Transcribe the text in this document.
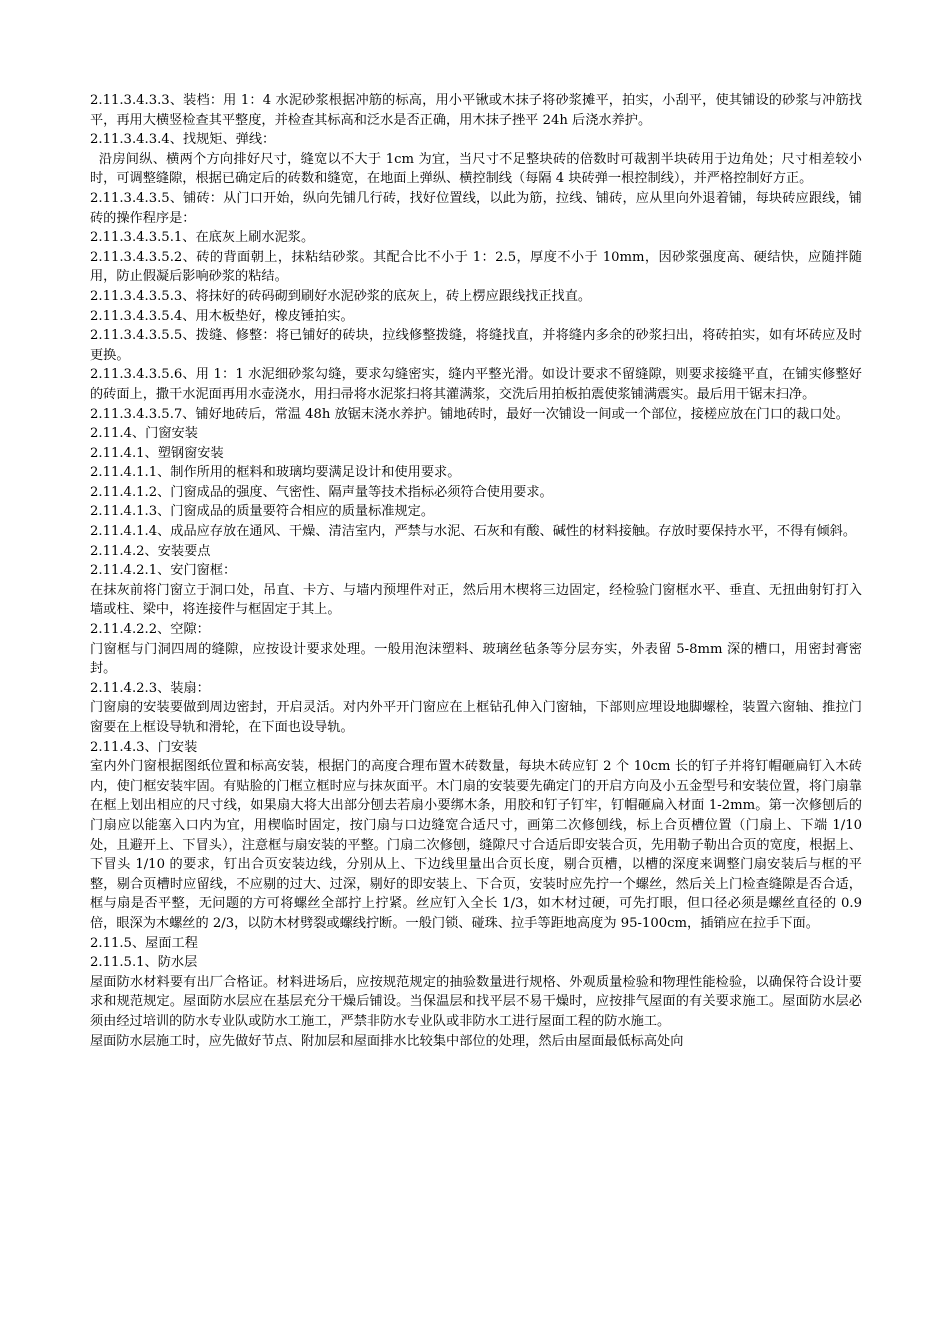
2.11.3.4.3.3、装档：用 1：4 水泥砂浆根据冲筋的标高，用小平锹或木抹子将砂浆摊平，拍实，小刮平，使其铺设的砂浆与冲筋找平，再用大横竖检查其平整度，并检查其标高和泛水是否正确，用木抹子挫平 24h 后浇水养护。

2.11.3.4.3.4、找规矩、弹线：

沿房间纵、横两个方向排好尺寸，缝宽以不大于 1cm 为宜，当尺寸不足整块砖的倍数时可裁割半块砖用于边角处；尺寸相差较小时，可调整缝隙，根据已确定后的砖数和缝宽，在地面上弹纵、横控制线（每隔 4 块砖弹一根控制线），并严格控制好方正。

2.11.3.4.3.5、铺砖：从门口开始，纵向先铺几行砖，找好位置线，以此为筋，拉线、铺砖，应从里向外退着铺，每块砖应跟线，铺砖的操作程序是：

2.11.3.4.3.5.1、在底灰上刷水泥浆。

2.11.3.4.3.5.2、砖的背面朝上，抹粘结砂浆。其配合比不小于 1：2.5，厚度不小于 10mm，因砂浆强度高、硬结快，应随拌随用，防止假凝后影响砂浆的粘结。

2.11.3.4.3.5.3、将抹好的砖码砌到刷好水泥砂浆的底灰上，砖上楞应跟线找正找直。

2.11.3.4.3.5.4、用木板垫好，橡皮锤拍实。

2.11.3.4.3.5.5、拨缝、修整：将已铺好的砖块，拉线修整拨缝，将缝找直，并将缝内多余的砂浆扫出，将砖拍实，如有坏砖应及时更换。

2.11.3.4.3.5.6、用 1：1 水泥细砂浆勾缝，要求勾缝密实，缝内平整光滑。如设计要求不留缝隙，则要求接缝平直，在铺实修整好的砖面上，撒干水泥面再用水壶浇水，用扫帚将水泥浆扫将其灌满浆，交洗后用拍板拍震使浆铺满震实。最后用干锯末扫净。

2.11.3.4.3.5.7、铺好地砖后，常温 48h 放锯末浇水养护。铺地砖时，最好一次铺设一间或一个部位，接槎应放在门口的裁口处。

2.11.4、门窗安装

2.11.4.1、塑钢窗安装

2.11.4.1.1、制作所用的框料和玻璃均要满足设计和使用要求。

2.11.4.1.2、门窗成品的强度、气密性、隔声量等技术指标必须符合使用要求。

2.11.4.1.3、门窗成品的质量要符合相应的质量标准规定。

2.11.4.1.4、成品应存放在通风、干燥、清洁室内，严禁与水泥、石灰和有酸、碱性的材料接触。存放时要保持水平，不得有倾斜。

2.11.4.2、安装要点

2.11.4.2.1、安门窗框：

在抹灰前将门窗立于洞口处，吊直、卡方、与墙内预埋件对正，然后用木楔将三边固定，经检验门窗框水平、垂直、无扭曲射钉打入墙或柱、梁中，将连接件与框固定于其上。

2.11.4.2.2、空隙：

门窗框与门洞四周的缝隙，应按设计要求处理。一般用泡沫塑料、玻璃丝毡条等分层夯实，外表留 5-8mm 深的槽口，用密封膏密封。

2.11.4.2.3、装扇：

门窗扇的安装要做到周边密封，开启灵活。对内外平开门窗应在上框钻孔伸入门窗轴，下部则应埋设地脚螺栓，装置六窗轴、推拉门窗要在上框设导轨和滑轮，在下面也设导轨。

2.11.4.3、门安装

室内外门窗根据图纸位置和标高安装，根据门的高度合理布置木砖数量，每块木砖应钉 2 个 10cm 长的钉子并将钉帽砸扁钉入木砖内，使门框安装牢固。有贴脸的门框立框时应与抹灰面平。木门扇的安装要先确定门的开启方向及小五金型号和安装位置，将门扇靠在框上划出相应的尺寸线，如果扇大将大出部分刨去若扇小要绑木条，用胶和钉子钉牢，钉帽砸扁入材面 1-2mm。第一次修刨后的门扇应以能塞入口内为宜，用楔临时固定，按门扇与口边缝宽合适尺寸，画第二次修刨线，标上合页槽位置（门扇上、下端 1/10 处，且避开上、下冒头），注意框与扇安装的平整。门扇二次修刨，缝隙尺寸合适后即安装合页，先用勒子勒出合页的宽度，根据上、下冒头 1/10 的要求，钉出合页安装边线，分别从上、下边线里量出合页长度，剔合页槽，以槽的深度来调整门扇安装后与框的平整，剔合页槽时应留线，不应剔的过大、过深，剔好的即安装上、下合页，安装时应先拧一个螺丝，然后关上门检查缝隙是否合适，框与扇是否平整，无问题的方可将螺丝全部拧上拧紧。丝应钉入全长 1/3，如木材过硬，可先打眼，但口径必须是螺丝直径的 0.9 倍，眼深为木螺丝的 2/3，以防木材劈裂或螺线拧断。一般门锁、碰珠、拉手等距地高度为 95-100cm，插销应在拉手下面。

2.11.5、屋面工程

2.11.5.1、防水层

屋面防水材料要有出厂合格证。材料进场后，应按规范规定的抽验数量进行规格、外观质量检验和物理性能检验，以确保符合设计要求和规范规定。屋面防水层应在基层充分干燥后铺设。当保温层和找平层不易干燥时，应按排气屋面的有关要求施工。屋面防水层必须由经过培训的防水专业队或防水工施工，严禁非防水专业队或非防水工进行屋面工程的防水施工。

屋面防水层施工时，应先做好节点、附加层和屋面排水比较集中部位的处理，然后由屋面最低标高处向
